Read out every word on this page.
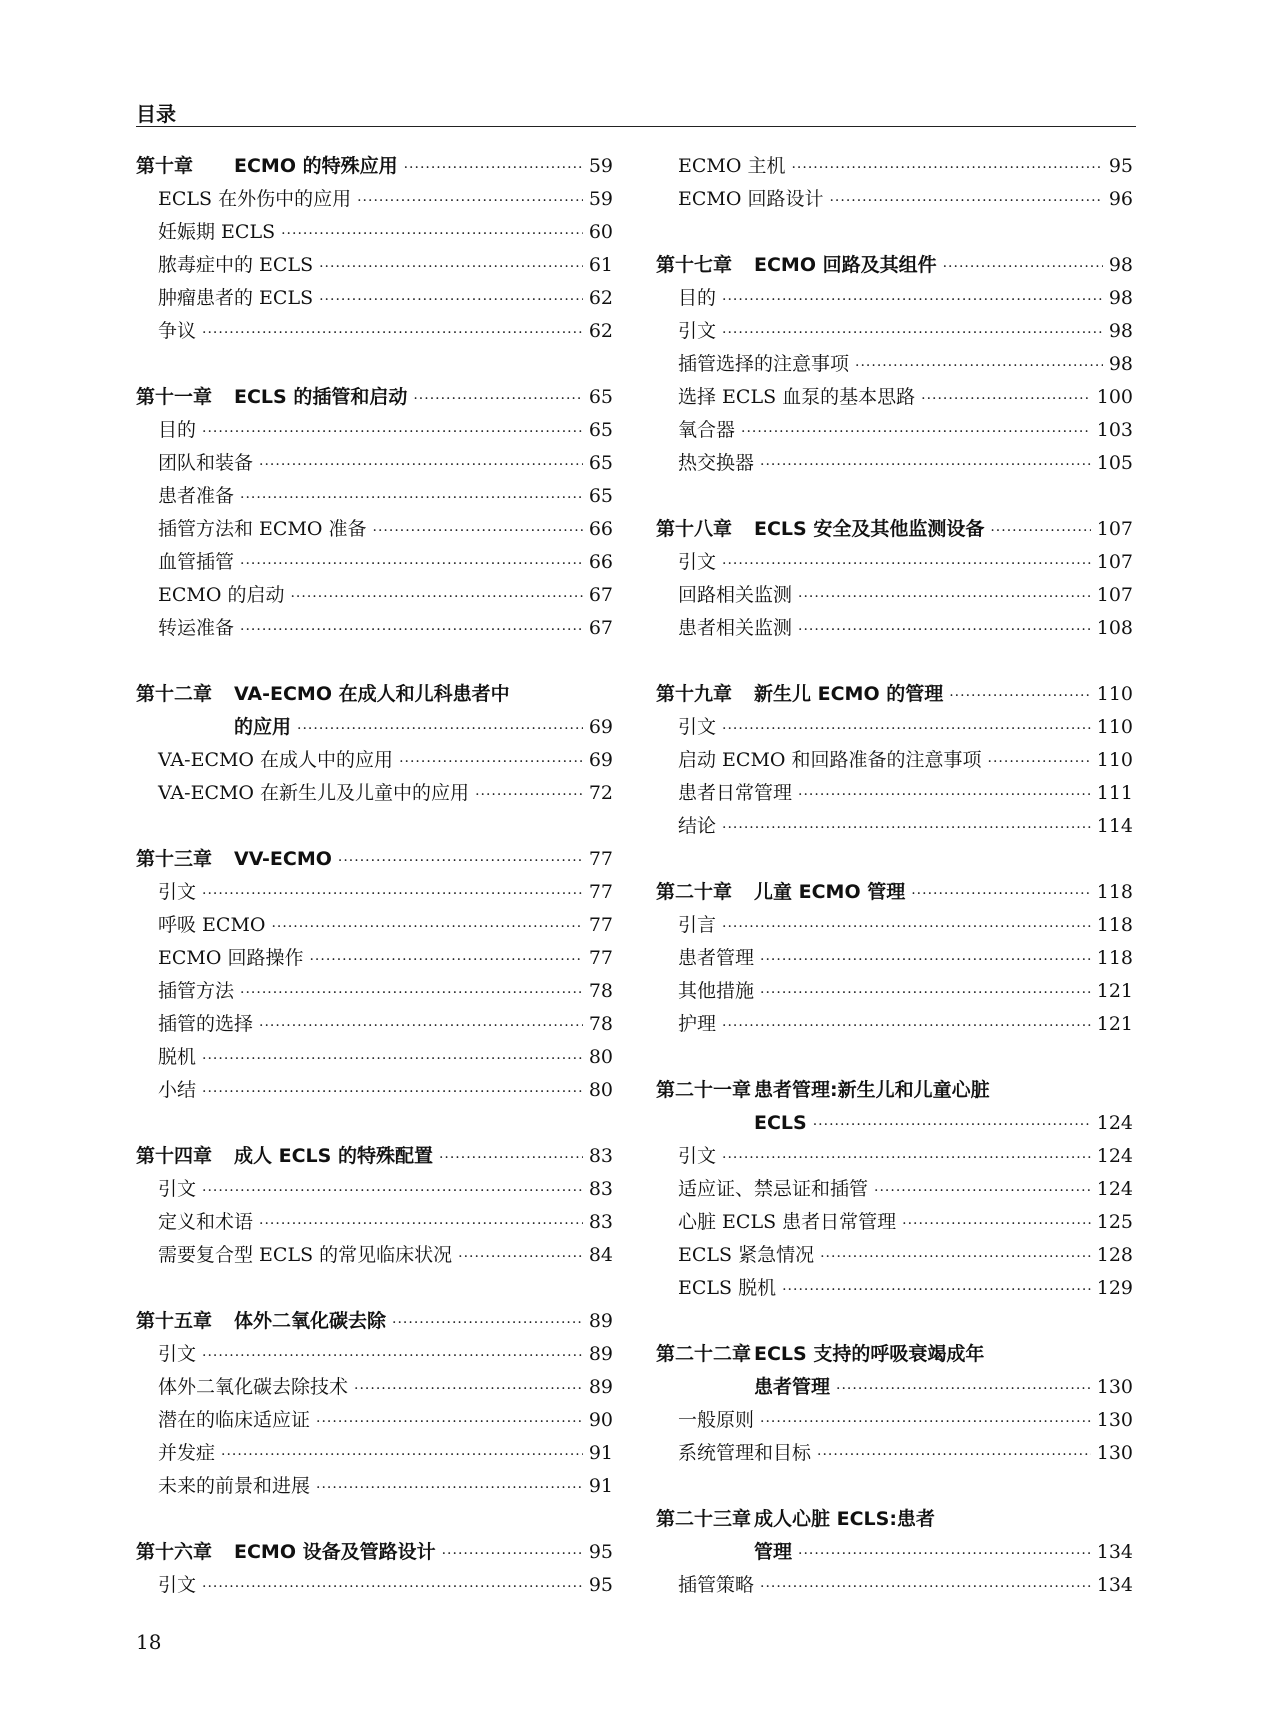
目录
第十章	ECMO 的特殊应用 ·····	59
ECLS 在外伤中的应用 ·····	59
妊娠期 ECLS ·····	60
脓毒症中的 ECLS ·····	61
肿瘤患者的 ECLS ·····	62
争议 ·····	62
第十一章	ECLS 的插管和启动 ·····	65
目的 ·····	65
团队和装备 ·····	65
患者准备 ·····	65
插管方法和 ECMO 准备 ·····	66
血管插管 ·····	66
ECMO 的启动 ·····	67
转运准备 ·····	67
第十二章	VA-ECMO 在成人和儿科患者中
的应用 ·····	69
VA-ECMO 在成人中的应用 ·····	69
VA-ECMO 在新生儿及儿童中的应用 ·····	72
第十三章	VV-ECMO ·····	77
引文 ·····	77
呼吸 ECMO ·····	77
ECMO 回路操作 ·····	77
插管方法 ·····	78
插管的选择 ·····	78
脱机 ·····	80
小结 ·····	80
第十四章	成人 ECLS 的特殊配置 ·····	83
引文 ·····	83
定义和术语 ·····	83
需要复合型 ECLS 的常见临床状况 ·····	84
第十五章	体外二氧化碳去除 ·····	89
引文 ·····	89
体外二氧化碳去除技术 ·····	89
潜在的临床适应证 ·····	90
并发症 ·····	91
未来的前景和进展 ·····	91
第十六章	ECMO 设备及管路设计 ·····	95
引文 ·····	95
ECMO 主机 ·····	95
ECMO 回路设计 ·····	96
第十七章	ECMO 回路及其组件 ·····	98
目的 ·····	98
引文 ·····	98
插管选择的注意事项 ·····	98
选择 ECLS 血泵的基本思路 ·····	100
氧合器 ·····	103
热交换器 ·····	105
第十八章	ECLS 安全及其他监测设备 ·····	107
引文 ·····	107
回路相关监测 ·····	107
患者相关监测 ·····	108
第十九章	新生儿 ECMO 的管理 ·····	110
引文 ·····	110
启动 ECMO 和回路准备的注意事项 ·····	110
患者日常管理 ·····	111
结论 ·····	114
第二十章	儿童 ECMO 管理 ·····	118
引言 ·····	118
患者管理 ·····	118
其他措施 ·····	121
护理 ·····	121
第二十一章 患者管理:新生儿和儿童心脏
ECLS ·····	124
引文 ·····	124
适应证、禁忌证和插管 ·····	124
心脏 ECLS 患者日常管理 ·····	125
ECLS 紧急情况 ·····	128
ECLS 脱机 ·····	129
第二十二章 ECLS 支持的呼吸衰竭成年
患者管理 ·····	130
一般原则 ·····	130
系统管理和目标 ·····	130
第二十三章 成人心脏 ECLS:患者
管理 ·····	134
插管策略 ·····	134
18
